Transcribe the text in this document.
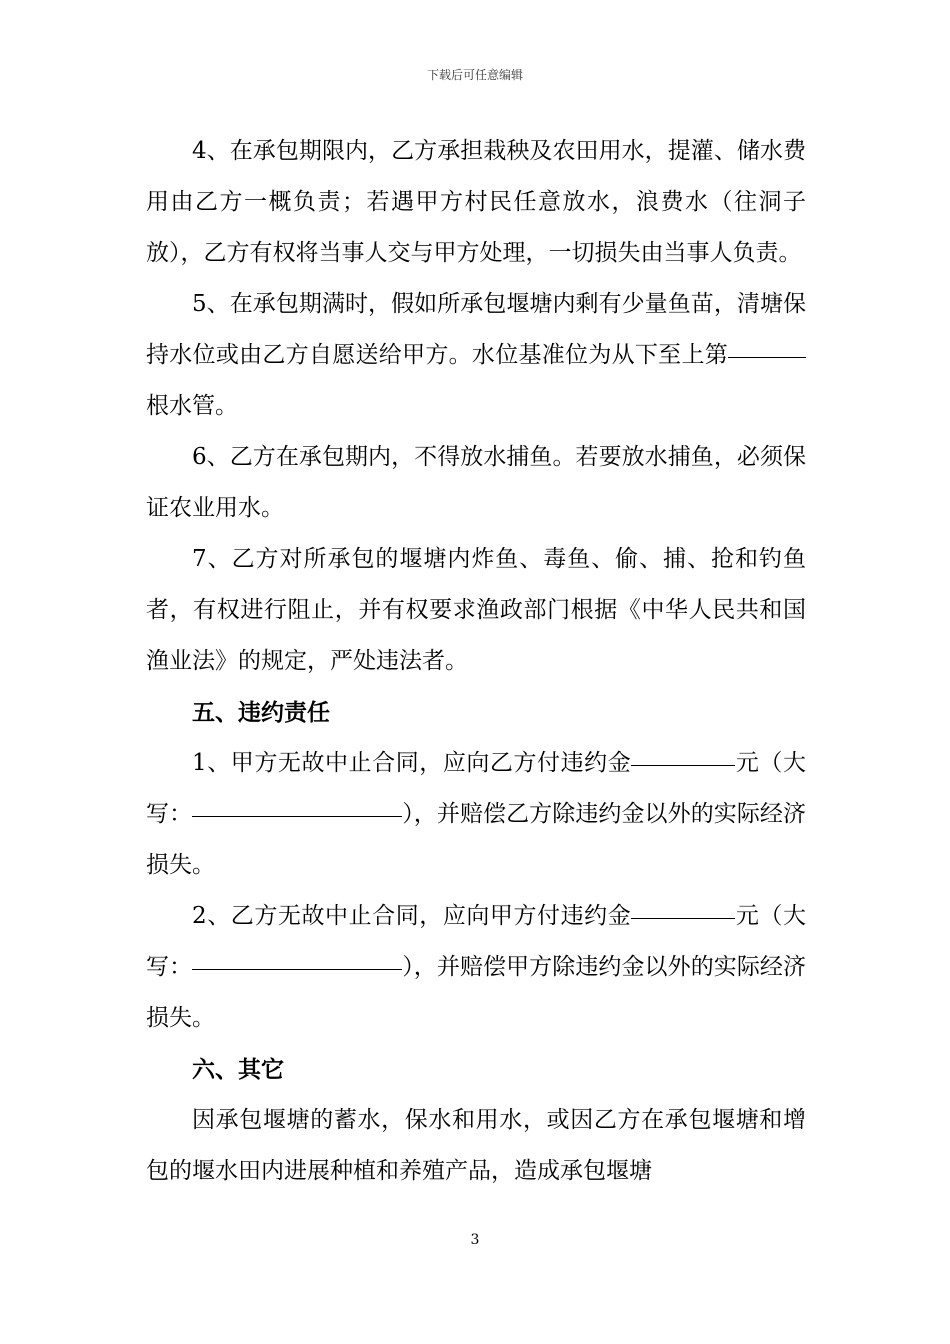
下载后可任意编辑

4、在承包期限内，乙方承担栽秧及农田用水，提灌、储水费用由乙方一概负责；若遇甲方村民任意放水，浪费水（往洞子放），乙方有权将当事人交与甲方处理，一切损失由当事人负责。

5、在承包期满时，假如所承包堰塘内剩有少量鱼苗，清塘保持水位或由乙方自愿送给甲方。水位基准位为从下至上第根水管。

6、乙方在承包期内，不得放水捕鱼。若要放水捕鱼，必须保证农业用水。

7、乙方对所承包的堰塘内炸鱼、毒鱼、偷、捕、抢和钓鱼者，有权进行阻止，并有权要求渔政部门根据《中华人民共和国渔业法》的规定，严处违法者。

五、违约责任

1、甲方无故中止合同，应向乙方付违约金	元（大写：	），并赔偿乙方除违约金以外的实际经济损失。

2、乙方无故中止合同，应向甲方付违约金	元（大写：	），并赔偿甲方除违约金以外的实际经济损失。

六、其它

因承包堰塘的蓄水，保水和用水，或因乙方在承包堰塘和增包的堰水田内进展种植和养殖产品，造成承包堰塘

3
